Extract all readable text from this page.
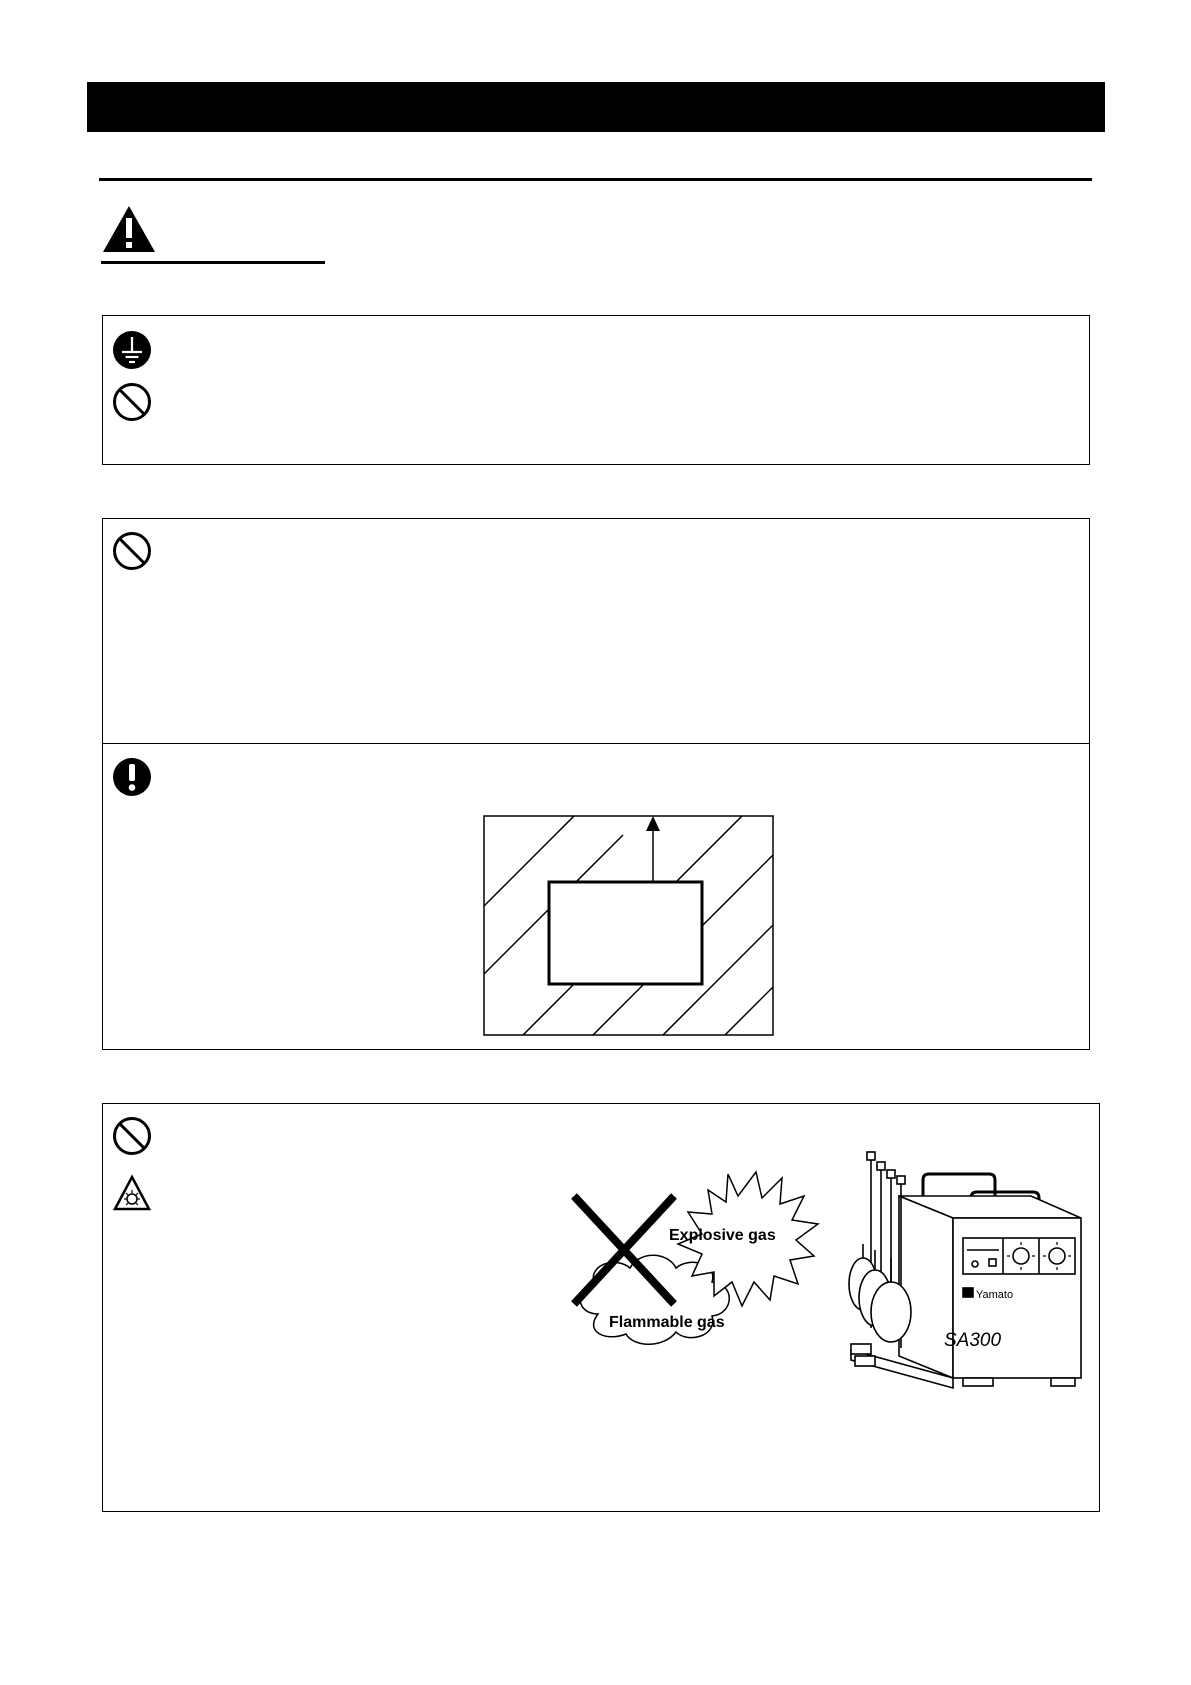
Explosive gas
Flammable gas
Yamato
SA300
